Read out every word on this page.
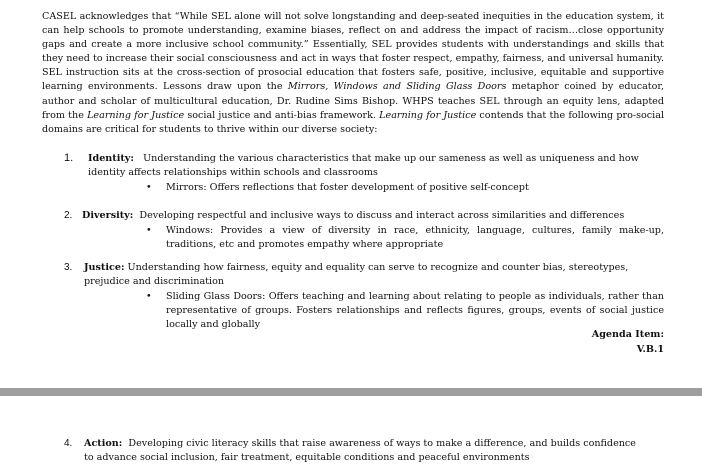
CASEL acknowledges that “While SEL alone will not solve longstanding and deep-seated inequities in the education system, it can help schools to promote understanding, examine biases, reflect on and address the impact of racism…close opportunity gaps and create a more inclusive school community.” Essentially, SEL provides students with understandings and skills that they need to increase their social consciousness and act in ways that foster respect, empathy, fairness, and universal humanity. SEL instruction sits at the cross-section of prosocial education that fosters safe, positive, inclusive, equitable and supportive learning environments. Lessons draw upon the Mirrors, Windows and Sliding Glass Doors metaphor coined by educator, author and scholar of multicultural education, Dr. Rudine Sims Bishop. WHPS teaches SEL through an equity lens, adapted from the Learning for Justice social justice and anti-bias framework. Learning for Justice contends that the following pro-social domains are critical for students to thrive within our diverse society:

1. Identity: Understanding the various characteristics that make up our sameness as well as uniqueness and how identity affects relationships within schools and classrooms
• Mirrors: Offers reflections that foster development of positive self-concept
2. Diversity: Developing respectful and inclusive ways to discuss and interact across similarities and differences
• Windows: Provides a view of diversity in race, ethnicity, language, cultures, family make-up, traditions, etc and promotes empathy where appropriate
3. Justice: Understanding how fairness, equity and equality can serve to recognize and counter bias, stereotypes, prejudice and discrimination
• Sliding Glass Doors: Offers teaching and learning about relating to people as individuals, rather than representative of groups. Fosters relationships and reflects figures, groups, events of social justice locally and globally
Agenda Item:
V.B.1
4. Action: Developing civic literacy skills that raise awareness of ways to make a difference, and builds confidence to advance social inclusion, fair treatment, equitable conditions and peaceful environments
